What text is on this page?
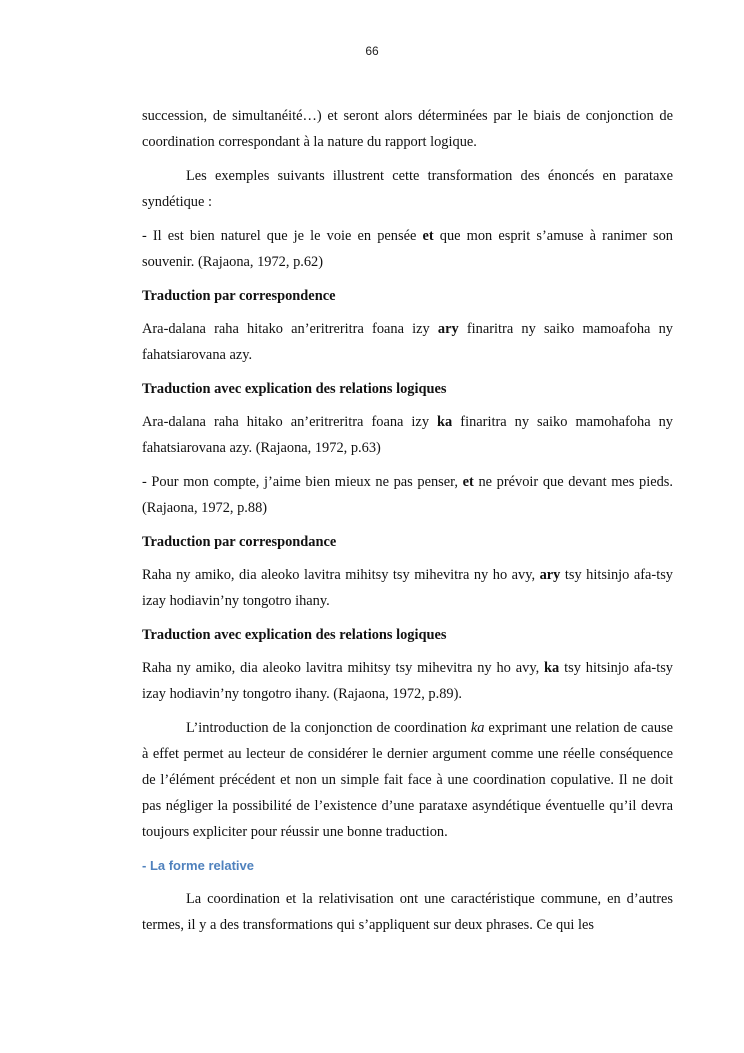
66

succession, de simultanéité…) et seront alors déterminées par le biais de conjonction de coordination correspondant à la nature du rapport logique.

Les exemples suivants illustrent cette transformation des énoncés en parataxe syndétique :

- Il est bien naturel que je le voie en pensée et que mon esprit s’amuse à ranimer son souvenir. (Rajaona, 1972, p.62)

Traduction par correspondence

Ara-dalana raha hitako an’eritreritra foana izy ary finaritra ny saiko mamoafoha ny fahatsiarovana azy.

Traduction avec explication des relations logiques

Ara-dalana raha hitako an’eritreritra foana izy ka finaritra ny saiko mamohafoha ny fahatsiarovana azy. (Rajaona, 1972, p.63)

- Pour mon compte, j’aime bien mieux ne pas penser, et ne prévoir que devant mes pieds. (Rajaona, 1972, p.88)

Traduction par correspondance

Raha ny amiko, dia aleoko lavitra mihitsy tsy mihevitra ny ho avy, ary tsy hitsinjo afa-tsy izay hodiavin’ny tongotro ihany.

Traduction avec explication des relations logiques

Raha ny amiko, dia aleoko lavitra mihitsy tsy mihevitra ny ho avy, ka tsy hitsinjo afa-tsy izay hodiavin’ny tongotro ihany. (Rajaona, 1972, p.89).

L’introduction de la conjonction de coordination ka exprimant une relation de cause à effet permet au lecteur de considérer le dernier argument comme une réelle conséquence de l’élément précédent et non un simple fait face à une coordination copulative. Il ne doit pas négliger la possibilité de l’existence d’une parataxe asyndétique éventuelle qu’il devra toujours expliciter pour réussir une bonne traduction.

- La forme relative

La coordination et la relativisation ont une caractéristique commune, en d’autres termes, il y a des transformations qui s’appliquent sur deux phrases. Ce qui les
